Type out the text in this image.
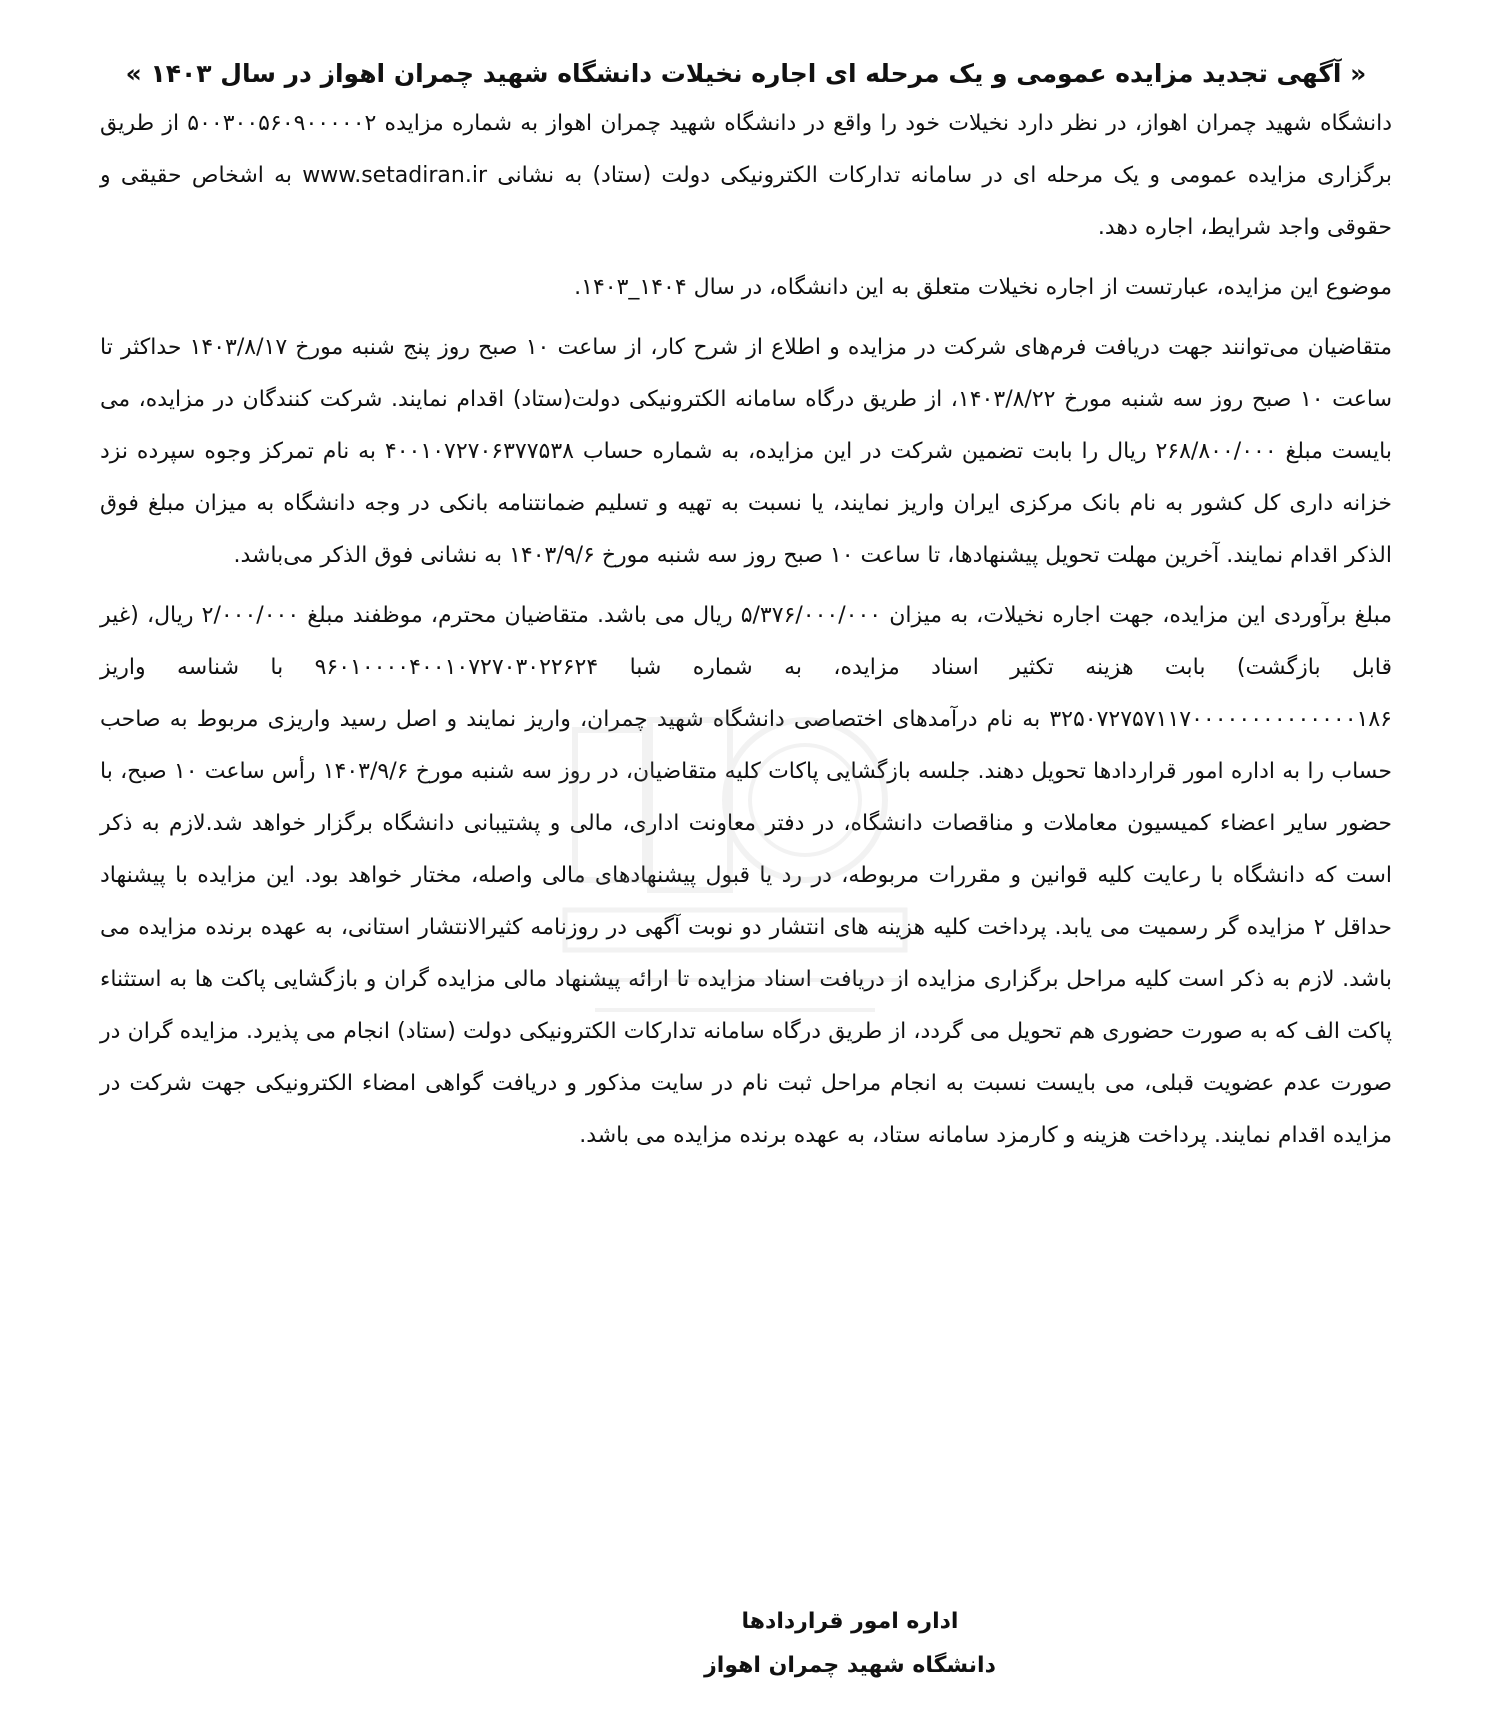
« آگهی تجدید مزایده عمومی و یک مرحله ای اجاره نخیلات دانشگاه شهید چمران اهواز در سال ۱۴۰۳ »

دانشگاه شهید چمران اهواز، در نظر دارد نخیلات خود را واقع در دانشگاه شهید چمران اهواز به شماره مزایده ۵۰۰۳۰۰۵۶۰۹۰۰۰۰۰۲ از طریق برگزاری مزایده عمومی و یک مرحله ای در سامانه تدارکات الکترونیکی دولت (ستاد) به نشانی www.setadiran.ir به اشخاص حقیقی و حقوقی واجد شرایط، اجاره دهد.

موضوع این مزایده، عبارتست از اجاره نخیلات متعلق به این دانشگاه، در سال ۱۴۰۴_۱۴۰۳.

متقاضیان می‌توانند جهت دریافت فرم‌های شرکت در مزایده و اطلاع از شرح کار، از ساعت ۱۰ صبح روز پنج شنبه مورخ ۱۴۰۳/۸/۱۷ حداکثر تا ساعت ۱۰ صبح روز سه شنبه مورخ ۱۴۰۳/۸/۲۲، از طریق درگاه سامانه الکترونیکی دولت(ستاد) اقدام نمایند. شرکت کنندگان در مزایده، می بایست مبلغ ۲۶۸/۸۰۰/۰۰۰ ریال را بابت تضمین شرکت در این مزایده، به شماره حساب ۴۰۰۱۰۷۲۷۰۶۳۷۷۵۳۸ به نام تمرکز وجوه سپرده نزد خزانه داری کل کشور به نام بانک مرکزی ایران واریز نمایند، یا نسبت به تهیه و تسلیم ضمانتنامه بانکی در وجه دانشگاه به میزان مبلغ فوق الذکر اقدام نمایند. آخرین مهلت تحویل پیشنهادها، تا ساعت ۱۰ صبح روز سه شنبه مورخ ۱۴۰۳/۹/۶ به نشانی فوق الذکر می‌باشد.

مبلغ برآوردی این مزایده، جهت اجاره نخیلات، به میزان ۵/۳۷۶/۰۰۰/۰۰۰ ریال می باشد. متقاضیان محترم، موظفند مبلغ ۲/۰۰۰/۰۰۰ ریال، (غیر قابل بازگشت) بابت هزینه تکثیر اسناد مزایده، به شماره شبا ۹۶۰۱۰۰۰۰۴۰۰۱۰۷۲۷۰۳۰۲۲۶۲۴ با شناسه واریز ۳۲۵۰۷۲۷۵۷۱۱۷۰۰۰۰۰۰۰۰۰۰۰۰۰۰۱۸۶ به نام درآمدهای اختصاصی دانشگاه شهید چمران، واریز نمایند و اصل رسید واریزی مربوط به صاحب حساب را به اداره امور قراردادها تحویل دهند. جلسه بازگشایی پاکات کلیه متقاضیان، در روز سه شنبه مورخ ۱۴۰۳/۹/۶ رأس ساعت ۱۰ صبح، با حضور سایر اعضاء کمیسیون معاملات و مناقصات دانشگاه، در دفتر معاونت اداری، مالی و پشتیبانی دانشگاه برگزار خواهد شد.لازم به ذکر است که دانشگاه با رعایت کلیه قوانین و مقررات مربوطه، در رد یا قبول پیشنهادهای مالی واصله، مختار خواهد بود. این مزایده با پیشنهاد حداقل ۲ مزایده گر رسمیت می یابد. پرداخت کلیه هزینه های انتشار دو نوبت آگهی در روزنامه کثیرالانتشار استانی، به عهده برنده مزایده می باشد. لازم به ذکر است کلیه مراحل برگزاری مزایده از دریافت اسناد مزایده تا ارائه پیشنهاد مالی مزایده گران و بازگشایی پاکت ها به استثناء پاکت الف که به صورت حضوری هم تحویل می گردد، از طریق درگاه سامانه تدارکات الکترونیکی دولت (ستاد) انجام می پذیرد. مزایده گران در صورت عدم عضویت قبلی، می بایست نسبت به انجام مراحل ثبت نام در سایت مذکور و دریافت گواهی امضاء الکترونیکی جهت شرکت در مزایده اقدام نمایند. پرداخت هزینه و کارمزد سامانه ستاد، به عهده برنده مزایده می باشد.

اداره امور قراردادها
دانشگاه شهید چمران اهواز
